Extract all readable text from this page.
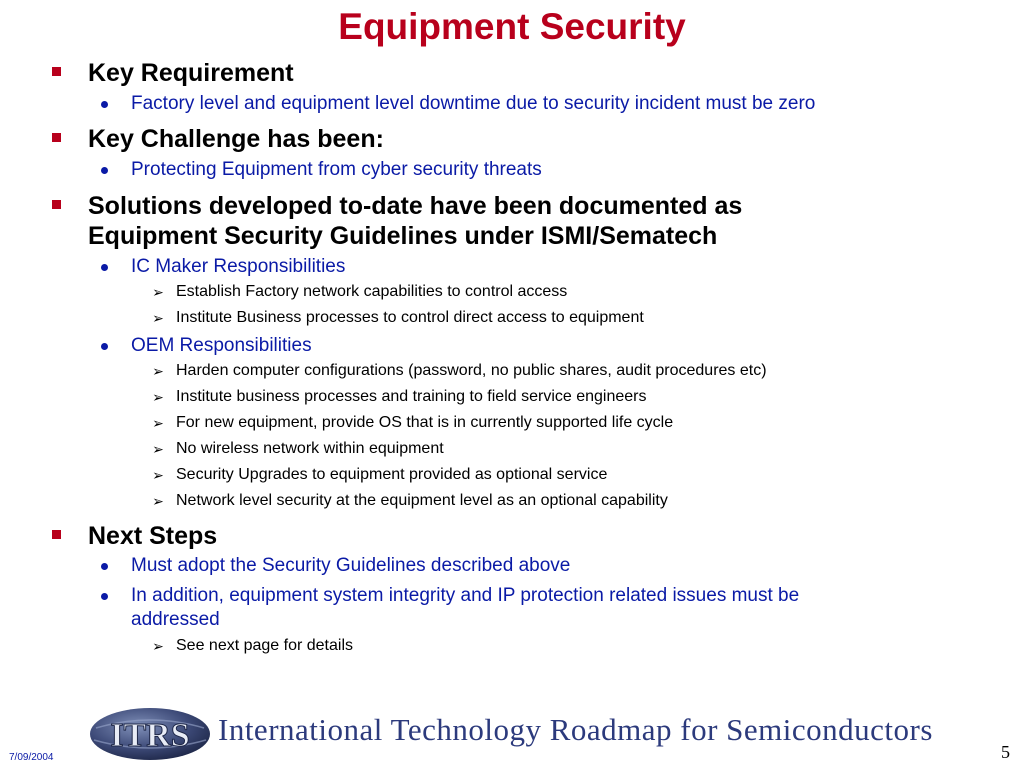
Equipment Security
Key Requirement
Factory level and equipment level downtime due to security incident must be zero
Key Challenge has been:
Protecting Equipment from cyber security threats
Solutions developed to-date have been documented as
Equipment Security Guidelines under ISMI/Sematech
IC Maker Responsibilities
➢ Establish Factory network capabilities to control access
➢ Institute Business processes to control direct access to equipment
OEM Responsibilities
➢ Harden computer configurations (password, no public shares, audit procedures etc)
➢ Institute business processes and training to field service engineers
➢ For new equipment, provide OS that is in currently supported life cycle
➢ No wireless network within equipment
➢ Security Upgrades to equipment provided as optional service
➢ Network level security at the equipment level as an optional capability
Next Steps
Must adopt the Security Guidelines described above
In addition, equipment system integrity and IP protection related issues must be
addressed
➢ See next page for details
7/09/2004
ITRS International Technology Roadmap for Semiconductors
5
